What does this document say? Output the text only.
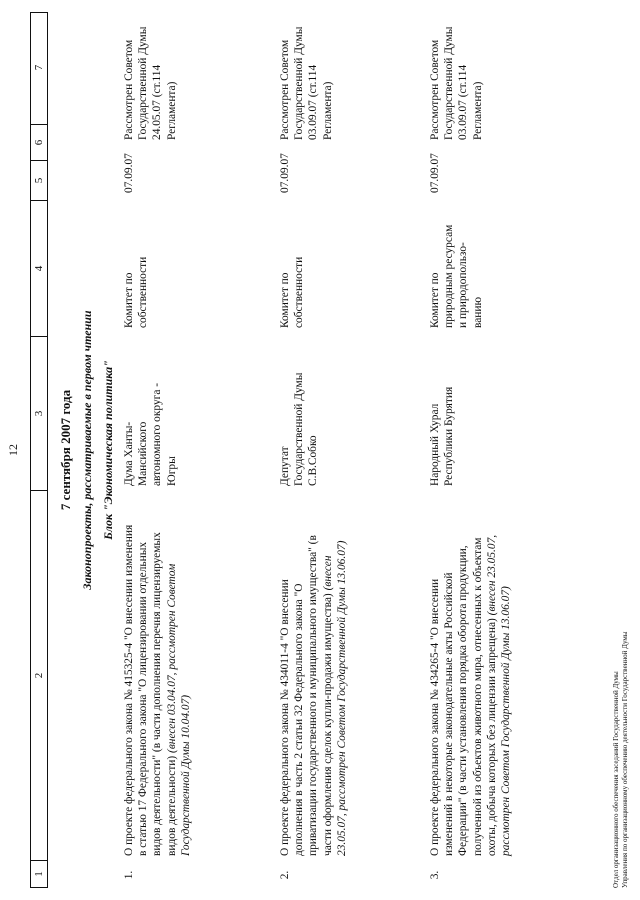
12
1
2
3
4
5
6
7
7 сентября 2007 года Законопроекты, рассматриваемые в первом чтении Блок "Экономическая политика"
1.
О проекте федерального закона № 415325-4 "О внесении изменения в статью 17 Федерального закона "О лицензировании отдельных видов деятельности" (в части дополнения перечня лицензируемых видов деятельности) (внесен 03.04.07, рассмотрен Советом Государственной Думы 10.04.07)
Дума Ханты-Мансийского автономного округа - Югры
Комитет по собственности
07.09.07
Рассмотрен Советом Государственной Думы 24.05.07 (ст.114 Регламента)
2.
О проекте федерального закона № 434011-4 "О внесении дополнения в часть 2 статьи 32 Федерального закона "О приватизации государственного и муниципального имущества" (в части оформления сделок купли-продажи имущества) (внесен 23.05.07, рассмотрен Советом Государственной Думы 13.06.07)
Депутат Государственной Думы С.В.Собко
Комитет по собственности
07.09.07
Рассмотрен Советом Государственной Думы 03.09.07 (ст.114 Регламента)
3.
О проекте федерального закона № 434265-4 "О внесении изменений в некоторые законодательные акты Российской Федерации" (в части установления порядка оборота продукции, полученной из объектов животного мира, отнесенных к объектам охоты, добыча которых без лицензии запрещена) (внесен 23.05.07, рассмотрен Советом Государственной Думы 13.06.07)
Народный Хурал Республики Бурятия
Комитет по природным ресурсам и природопользо-ванию
07.09.07
Рассмотрен Советом Государственной Думы 03.09.07 (ст.114 Регламента)
Отдел организационного обеспечения заседаний Государственной Думы Управления по организационному обеспечению деятельности Государственной Думы
